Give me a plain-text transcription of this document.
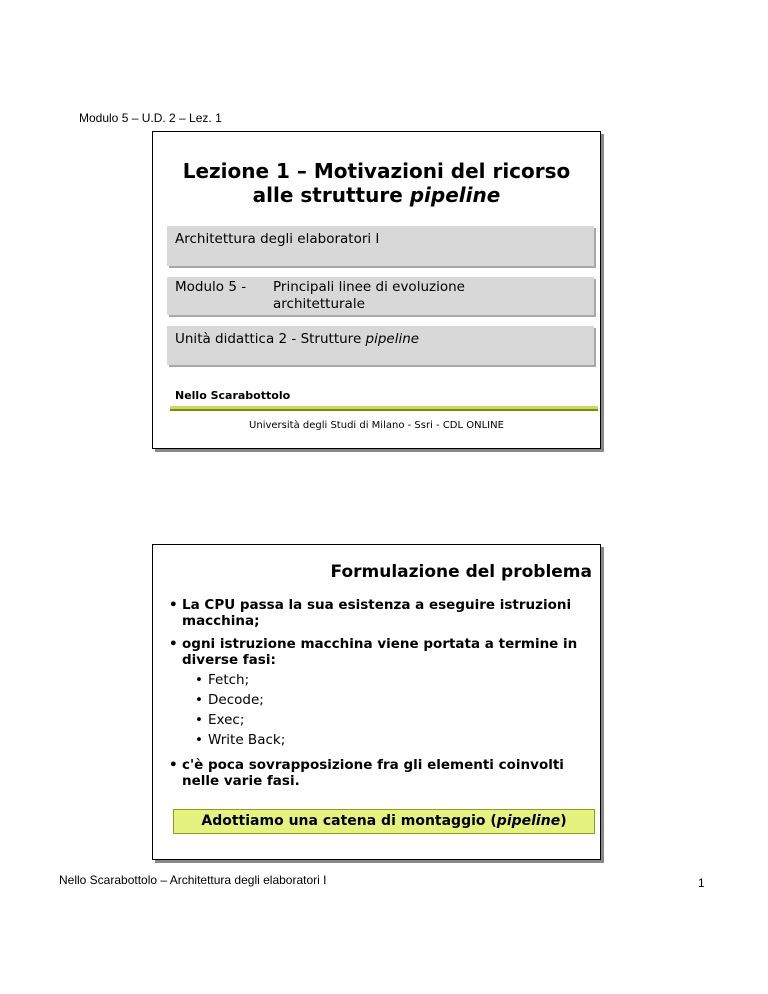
Modulo 5 – U.D. 2 – Lez. 1
Lezione 1 – Motivazioni del ricorso
alle strutture pipeline
Architettura degli elaboratori I
Modulo 5 -	Principali linee di evoluzione
architetturale
Unità didattica 2 - Strutture pipeline
Nello Scarabottolo
Università degli Studi di Milano - Ssri - CDL ONLINE
Formulazione del problema
• La CPU passa la sua esistenza a eseguire istruzioni macchina;
• ogni istruzione macchina viene portata a termine in diverse fasi:
• Fetch;
• Decode;
• Exec;
• Write Back;
• c'è poca sovrapposizione fra gli elementi coinvolti nelle varie fasi.
Adottiamo una catena di montaggio (pipeline)
Nello Scarabottolo – Architettura degli elaboratori I	1
